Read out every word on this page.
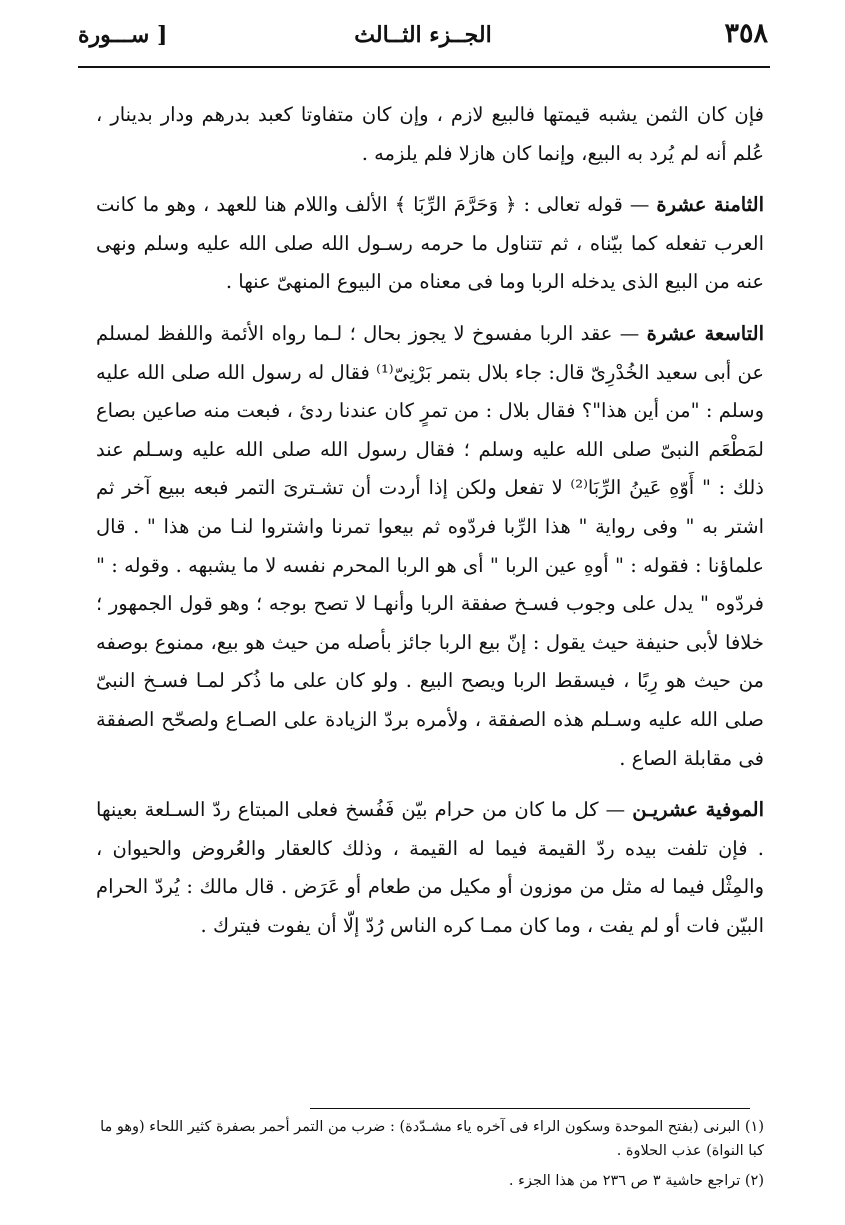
٣٥٨
الجــزء الثــالث
[ ســـورة

فإن كان الثمن يشبه قيمتها فالبيع لازم ، وإن كان متفاوتا كعبد بدرهم ودار بدينار ، عُلم أنه لم يُرد به البيع، وإنما كان هازلا فلم يلزمه .

الثامنة عشرة — قوله تعالى : ﴿ وَحَرَّمَ الرِّبَا ﴾ الألف واللام هنا للعهد ، وهو ما كانت العرب تفعله كما بيّناه ، ثم تتناول ما حرمه رسـول الله صلى الله عليه وسلم ونهى عنه من البيع الذى يدخله الربا وما فى معناه من البيوع المنهىّ عنها .

التاسعة عشرة — عقد الربا مفسوخ لا يجوز بحال ؛ لـما رواه الأئمة واللفظ لمسلم عن أبى سعيد الخُدْرِىّ قال: جاء بلال بتمر بَرْنِىّ⁽¹⁾ فقال له رسول الله صلى الله عليه وسلم : "من أين هذا"؟ فقال بلال : من تمرٍ كان عندنا ردئ ، فبعت منه صاعين بصاع لمَطْعَم النبىّ صلى الله عليه وسلم ؛ فقال رسول الله صلى الله عليه وسـلم عند ذلك : " أَوّهِ عَينُ الرِّبَا⁽²⁾ لا تفعل ولكن إذا أردت أن تشـترىَ التمر فبعه ببيع آخر ثم اشتر به " وفى رواية " هذا الرِّبا فردّوه ثم بيعوا تمرنا واشتروا لنـا من هذا " . قال علماؤنا : فقوله : " أوهِ عين الربا " أى هو الربا المحرم نفسه لا ما يشبهه . وقوله : " فردّوه " يدل على وجوب فسـخ صفقة الربا وأنهـا لا تصح بوجه ؛ وهو قول الجمهور ؛ خلافا لأبى حنيفة حيث يقول : إنّ بيع الربا جائز بأصله من حيث هو بيع، ممنوع بوصفه من حيث هو رِبًا ، فيسقط الربا ويصح البيع . ولو كان على ما ذُكر لمـا فسـخ النبىّ صلى الله عليه وسـلم هذه الصفقة ، ولأمره بردّ الزيادة على الصـاع ولصحّح الصفقة فى مقابلة الصاع .

الموفية عشريـن — كل ما كان من حرام بيّن فَفُسخ فعلى المبتاع ردّ السـلعة بعينها . فإن تلفت بيده ردّ القيمة فيما له القيمة ، وذلك كالعقار والعُروض والحيوان ، والمِثْل فيما له مثل من موزون أو مكيل من طعام أو عَرَض . قال مالك : يُردّ الحرام البيّن فات أو لم يفت ، وما كان ممـا كره الناس رُدّ إلّا أن يفوت فيترك .

(١) البرنى (بفتح الموحدة وسكون الراء فى آخره ياء مشـدّدة) : ضرب من التمر أحمر بصفرة كثير اللحاء (وهو ما كبا النواة) عذب الحلاوة .

(٢) تراجع حاشية ٣ ص ٢٣٦ من هذا الجزء .
